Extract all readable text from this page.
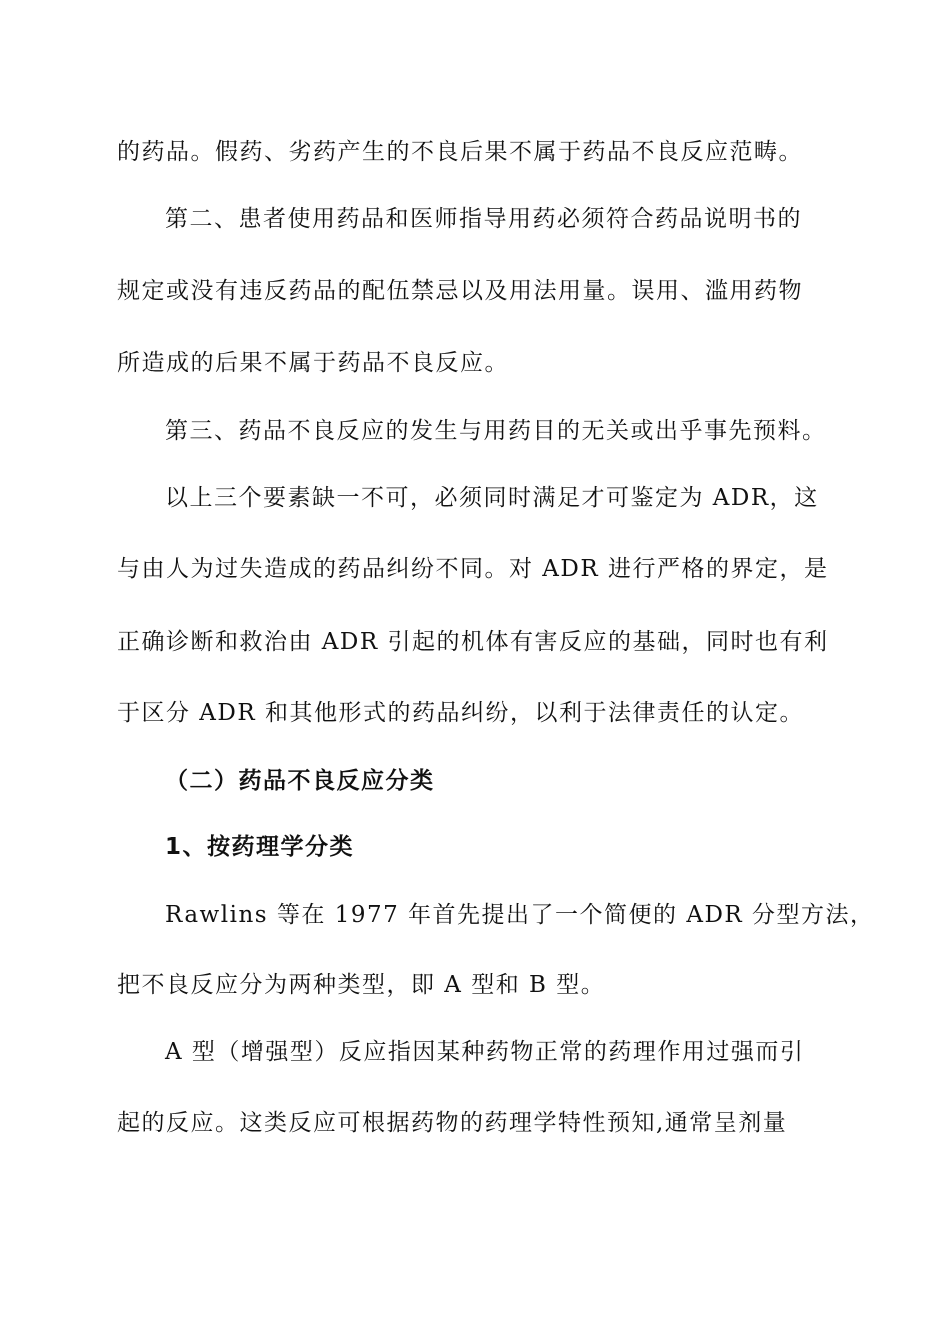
的药品。假药、劣药产生的不良后果不属于药品不良反应范畴。
第二、患者使用药品和医师指导用药必须符合药品说明书的
规定或没有违反药品的配伍禁忌以及用法用量。误用、滥用药物
所造成的后果不属于药品不良反应。
第三、药品不良反应的发生与用药目的无关或出乎事先预料。
以上三个要素缺一不可，必须同时满足才可鉴定为 ADR，这
与由人为过失造成的药品纠纷不同。对 ADR 进行严格的界定，是
正确诊断和救治由 ADR 引起的机体有害反应的基础，同时也有利
于区分 ADR 和其他形式的药品纠纷，以利于法律责任的认定。
（二）药品不良反应分类
1、按药理学分类
Rawlins 等在 1977 年首先提出了一个简便的 ADR 分型方法，
把不良反应分为两种类型，即 A 型和 B 型。
A 型（增强型）反应指因某种药物正常的药理作用过强而引
起的反应。这类反应可根据药物的药理学特性预知,通常呈剂量
